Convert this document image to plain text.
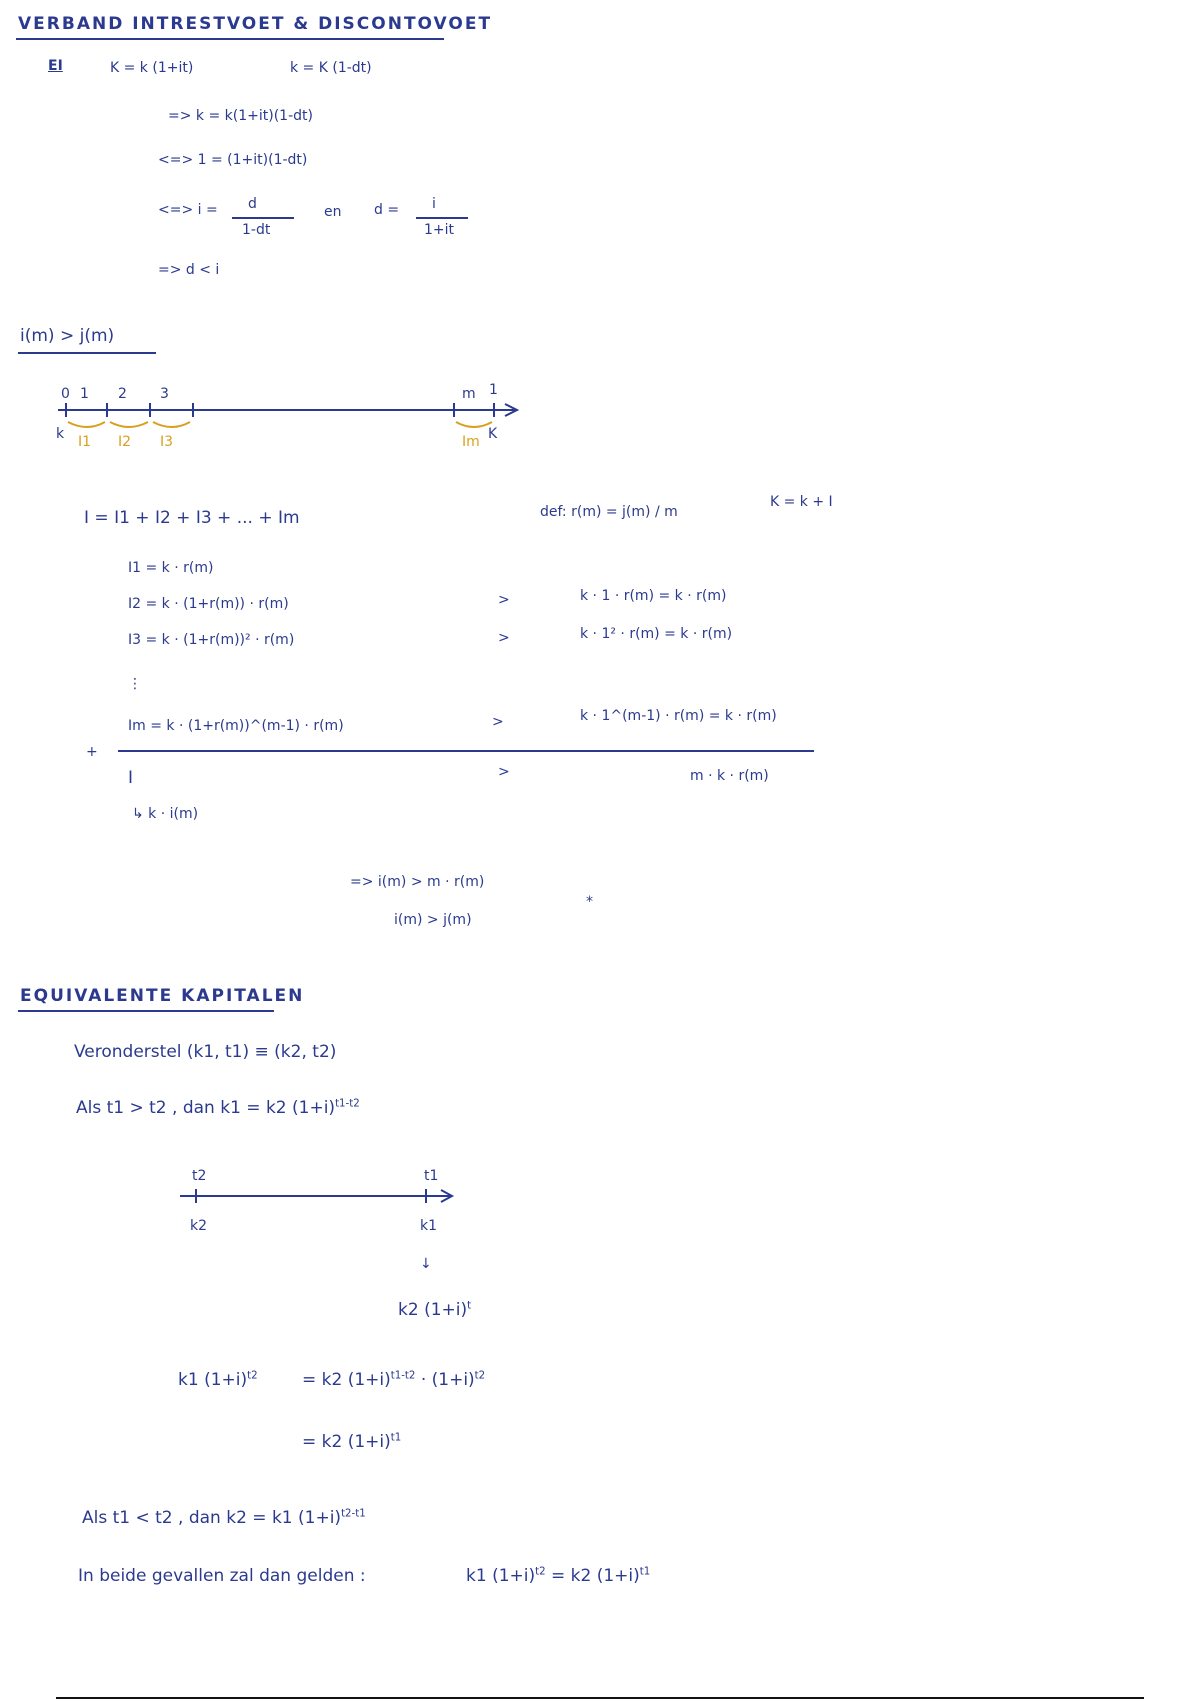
VERBAND INTRESTVOET & DISCONTOVOET
EI	K = k (1+it)	k = K (1-dt)
=> k = k(1+it)(1-dt)
<=> 1 = (1+it)(1-dt)
<=> i = d
1-dt
en d = i
1+it
=> d < i
i(m) > j(m)
0 1 2 3	m 1
k	K
I1 I2 I3	Im
I = I1 + I2 + I3 + ... + Im	def: r(m) = j(m) / m
K = k + I
I1 = k · r(m)
I2 = k · (1+r(m)) · r(m)	>	k · 1 · r(m) = k · r(m)
I3 = k · (1+r(m))² · r(m)	>	k · 1² · r(m) = k · r(m)
⋮
Im = k · (1+r(m))^(m-1) · r(m)	>	k · 1^(m-1) · r(m) = k · r(m)
+
I	>	m · k · r(m)
↳ k · i(m)
=> i(m) > m · r(m)
i(m) > j(m)
*
EQUIVALENTE KAPITALEN
Veronderstel (k1, t1) ≡ (k2, t2)
Als t1 > t2 , dan k1 = k2 $(1+i)^{t1-t2}$
t2	t1
k2	k1
↓
k2 $(1+i)^t$
k1 $(1+i)^{t2}$	= k2 $(1+i)^{t1-t2} \cdot (1+i)^{t2}$
= k2 $(1+i)^{t1}$
Als t1 < t2 , dan k2 = k1 $(1+i)^{t2-t1}$
In beide gevallen zal dan gelden :	k1 $(1+i)^{t2} = k2$ $(1+i)^{t1}$
